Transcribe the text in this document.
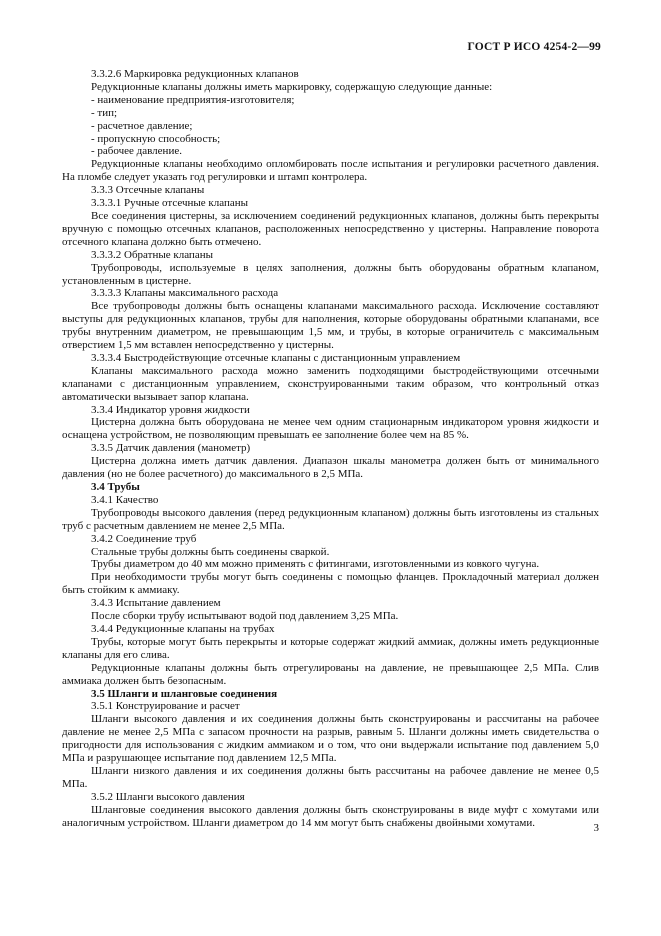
ГОСТ Р ИСО 4254-2—99
3.3.2.6 Маркировка редукционных клапанов
Редукционные клапаны должны иметь маркировку, содержащую следующие данные:
- наименование предприятия-изготовителя;
- тип;
- расчетное давление;
- пропускную способность;
- рабочее давление.
Редукционные клапаны необходимо опломбировать после испытания и регулировки расчетного давления. На пломбе следует указать год регулировки и штамп контролера.
3.3.3 Отсечные клапаны
3.3.3.1 Ручные отсечные клапаны
Все соединения цистерны, за исключением соединений редукционных клапанов, должны быть перекрыты вручную с помощью отсечных клапанов, расположенных непосредственно у цистерны. Направление поворота отсечного клапана должно быть отмечено.
3.3.3.2 Обратные клапаны
Трубопроводы, используемые в целях заполнения, должны быть оборудованы обратным клапаном, установленным в цистерне.
3.3.3.3 Клапаны максимального расхода
Все трубопроводы должны быть оснащены клапанами максимального расхода. Исключение составляют выступы для редукционных клапанов, трубы для наполнения, которые оборудованы обратными клапанами, все трубы внутренним диаметром, не превышающим 1,5 мм, и трубы, в которые ограничитель с максимальным отверстием 1,5 мм вставлен непосредственно у цистерны.
3.3.3.4 Быстродействующие отсечные клапаны с дистанционным управлением
Клапаны максимального расхода можно заменить подходящими быстродействующими отсечными клапанами с дистанционным управлением, сконструированными таким образом, что контрольный отказ автоматически вызывает запор клапана.
3.3.4 Индикатор уровня жидкости
Цистерна должна быть оборудована не менее чем одним стационарным индикатором уровня жидкости и оснащена устройством, не позволяющим превышать ее заполнение более чем на 85 %.
3.3.5 Датчик давления (манометр)
Цистерна должна иметь датчик давления. Диапазон шкалы манометра должен быть от минимального давления (но не более расчетного) до максимального в 2,5 МПа.
3.4 Трубы
3.4.1 Качество
Трубопроводы высокого давления (перед редукционным клапаном) должны быть изготовлены из стальных труб с расчетным давлением не менее 2,5 МПа.
3.4.2 Соединение труб
Стальные трубы должны быть соединены сваркой.
Трубы диаметром до 40 мм можно применять с фитингами, изготовленными из ковкого чугуна.
При необходимости трубы могут быть соединены с помощью фланцев. Прокладочный материал должен быть стойким к аммиаку.
3.4.3 Испытание давлением
После сборки трубу испытывают водой под давлением 3,25 МПа.
3.4.4 Редукционные клапаны на трубах
Трубы, которые могут быть перекрыты и которые содержат жидкий аммиак, должны иметь редукционные клапаны для его слива.
Редукционные клапаны должны быть отрегулированы на давление, не превышающее 2,5 МПа. Слив аммиака должен быть безопасным.
3.5 Шланги и шланговые соединения
3.5.1 Конструирование и расчет
Шланги высокого давления и их соединения должны быть сконструированы и рассчитаны на рабочее давление не менее 2,5 МПа с запасом прочности на разрыв, равным 5. Шланги должны иметь свидетельства о пригодности для использования с жидким аммиаком и о том, что они выдержали испытание под давлением 5,0 МПа и разрушающее испытание под давлением 12,5 МПа.
Шланги низкого давления и их соединения должны быть рассчитаны на рабочее давление не менее 0,5 МПа.
3.5.2 Шланги высокого давления
Шланговые соединения высокого давления должны быть сконструированы в виде муфт с хомутами или аналогичным устройством. Шланги диаметром до 14 мм могут быть снабжены двойными хомутами.	3
